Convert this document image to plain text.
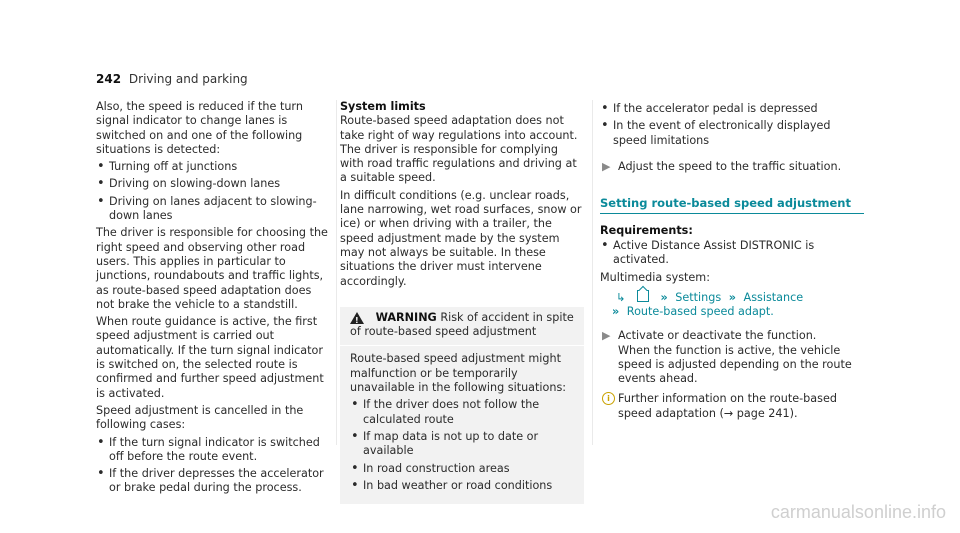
242 Driving and parking

Also, the speed is reduced if the turn signal indicator to change lanes is switched on and one of the following situations is detected:

• Turning off at junctions
• Driving on slowing-down lanes
• Driving on lanes adjacent to slowing-down lanes

The driver is responsible for choosing the right speed and observing other road users. This applies in particular to junctions, roundabouts and traffic lights, as route-based speed adaptation does not brake the vehicle to a standstill.

When route guidance is active, the first speed adjustment is carried out automatically. If the turn signal indicator is switched on, the selected route is confirmed and further speed adjustment is activated.

Speed adjustment is cancelled in the following cases:

• If the turn signal indicator is switched off before the route event.
• If the driver depresses the accelerator or brake pedal during the process.
System limits

Route-based speed adaptation does not take right of way regulations into account. The driver is responsible for complying with road traffic regulations and driving at a suitable speed.

In difficult conditions (e.g. unclear roads, lane narrowing, wet road surfaces, snow or ice) or when driving with a trailer, the speed adjustment made by the system may not always be suitable. In these situations the driver must intervene accordingly.

! WARNING Risk of accident in spite of route-based speed adjustment

Route-based speed adjustment might malfunction or be temporarily unavailable in the following situations:

• If the driver does not follow the calculated route
• If map data is not up to date or available
• In road construction areas
• In bad weather or road conditions
• If the accelerator pedal is depressed
• In the event of electronically displayed speed limitations
▶ Adjust the speed to the traffic situation.
Setting route-based speed adjustment
Requirements:
• Active Distance Assist DISTRONIC is activated.

Multimedia system:

↳	» Settings » Assistance
» Route-based speed adapt.
▶ Activate or deactivate the function.
When the function is active, the vehicle speed is adjusted depending on the route events ahead.
i Further information on the route-based speed adaptation (→ page 241).
carmanualsonline.info
